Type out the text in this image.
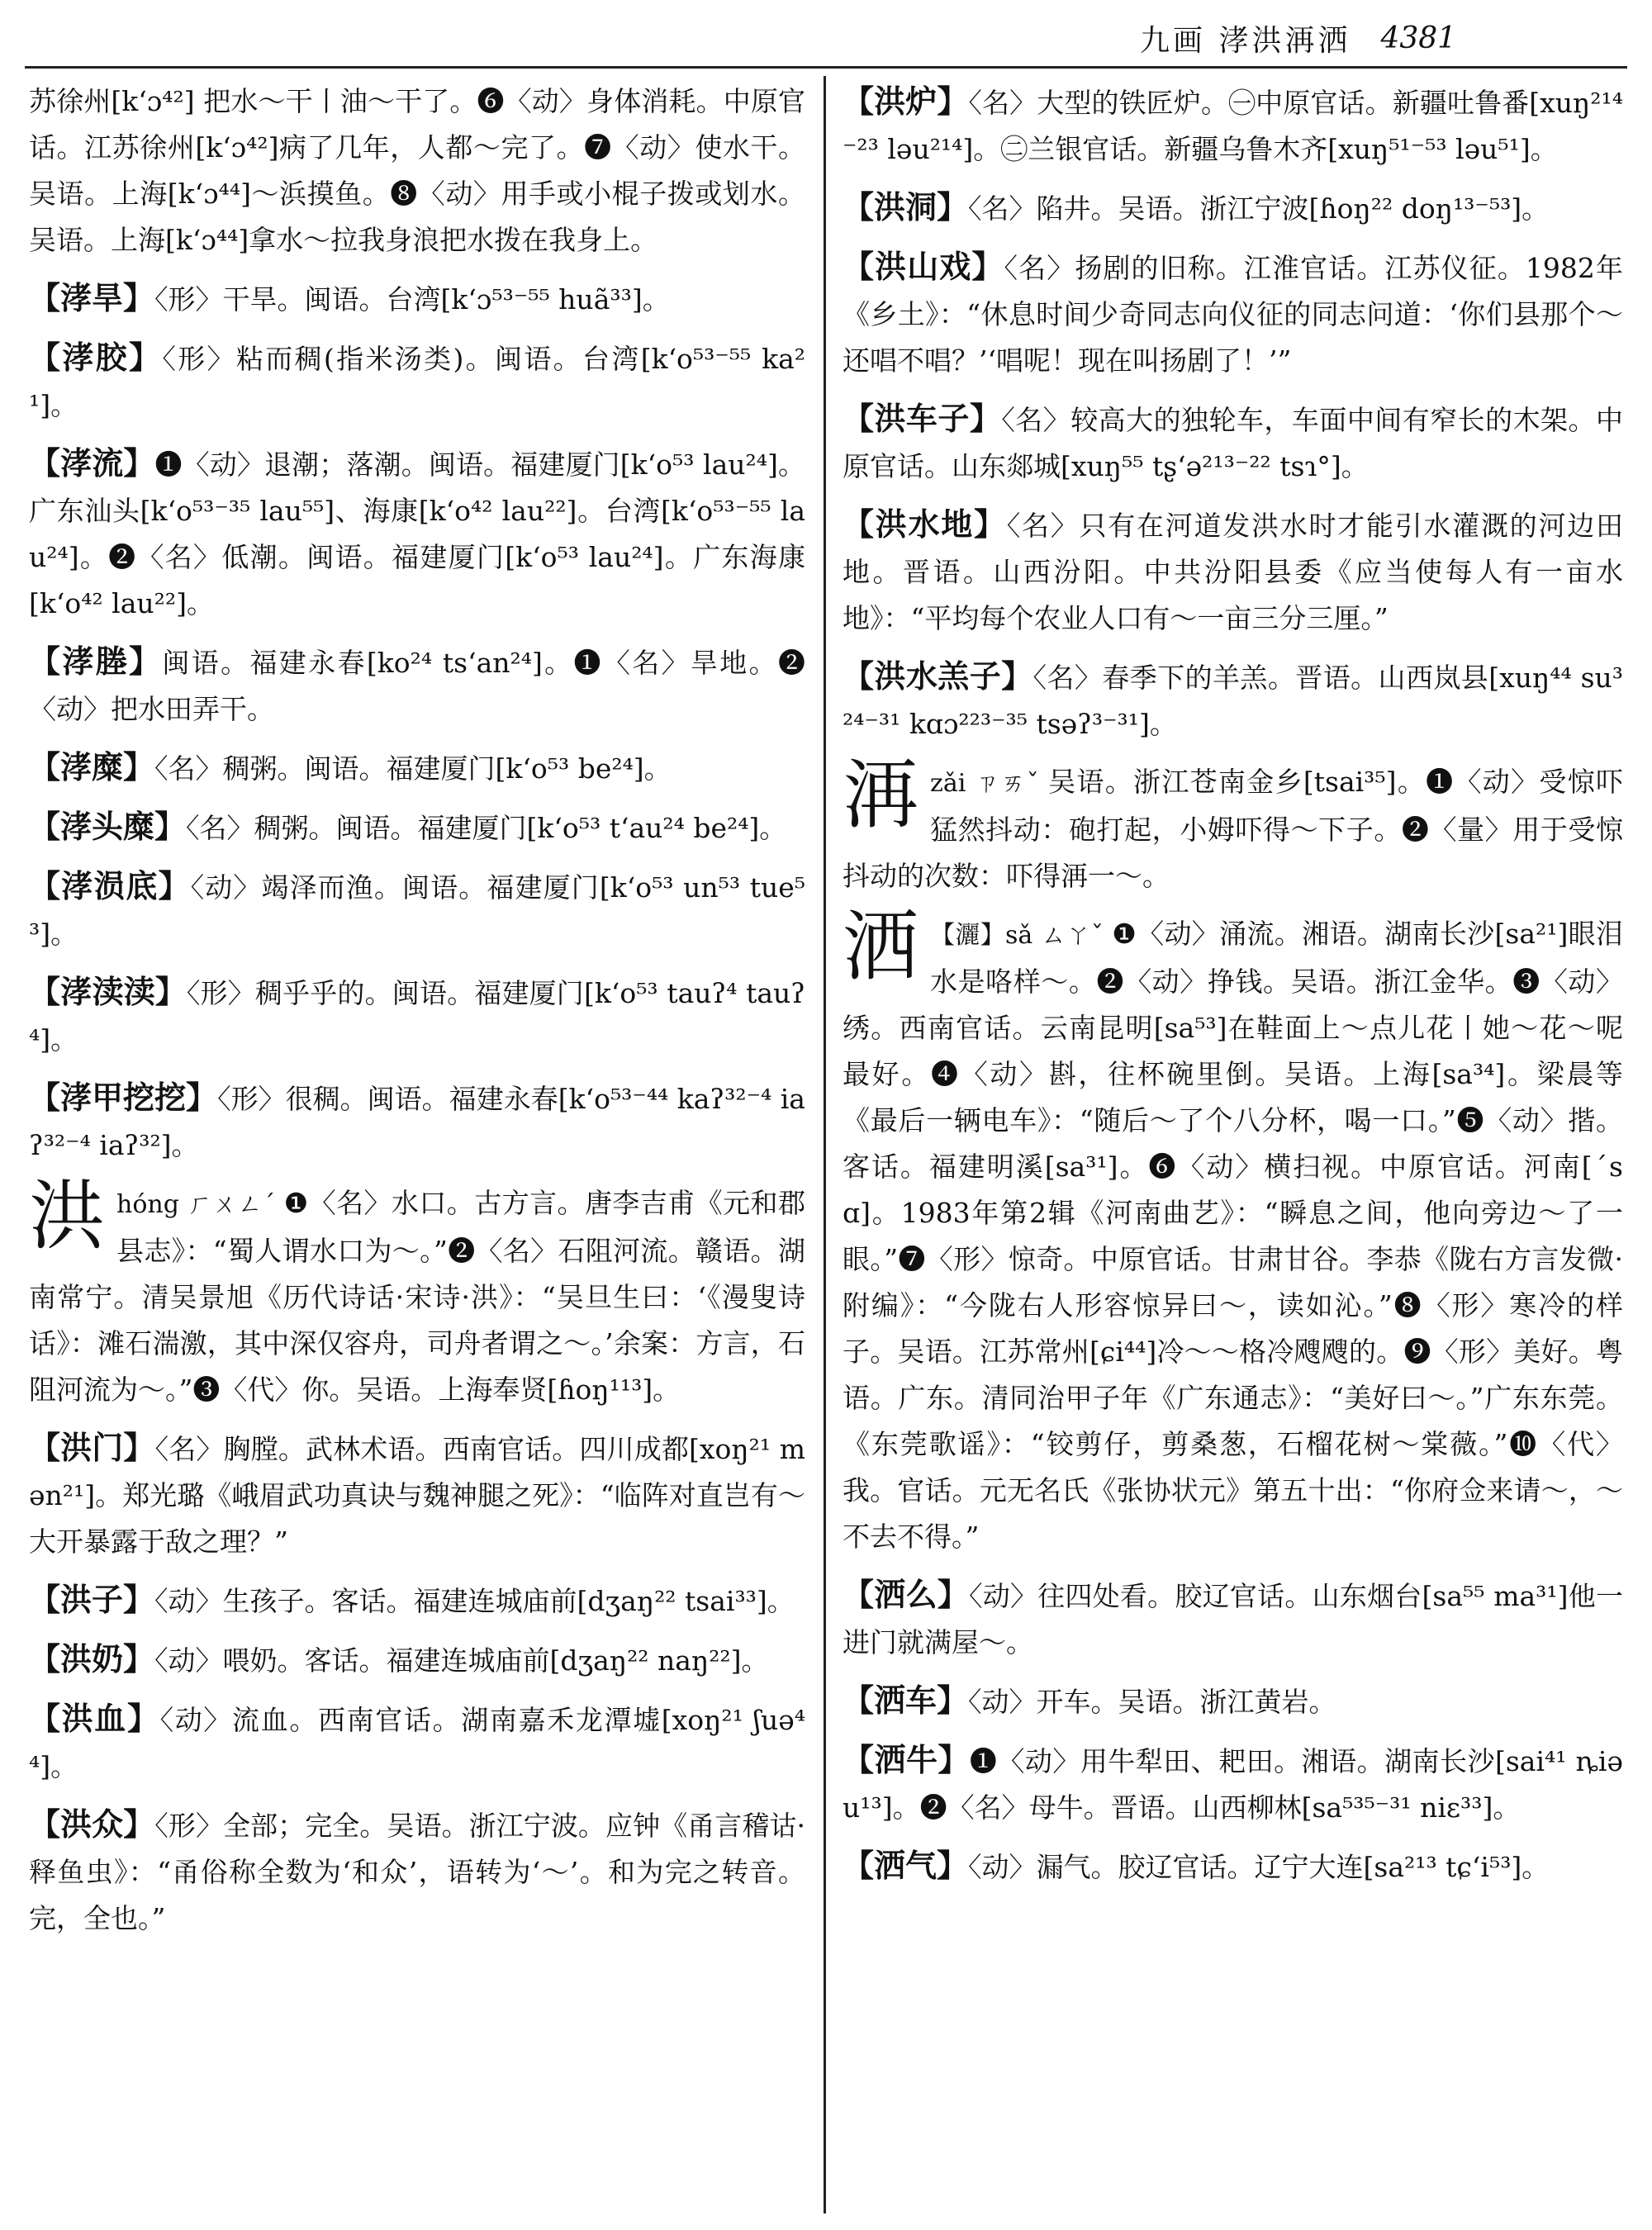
九画 涍洪洅洒 4381

苏徐州[kʻɔ⁴²] 把水～干丨油～干了。❻〈动〉身体消耗。中原官话。江苏徐州[kʻɔ⁴²]病了几年，人都～完了。❼〈动〉使水干。吴语。上海[kʻɔ⁴⁴]～浜摸鱼。❽〈动〉用手或小棍子拨或划水。吴语。上海[kʻɔ⁴⁴]拿水～拉我身浪把水拨在我身上。

【涍旱】〈形〉干旱。闽语。台湾[kʻɔ⁵³⁻⁵⁵ huã³³]。

【涍胶】〈形〉粘而稠(指米汤类)。闽语。台湾[kʻo⁵³⁻⁵⁵ ka²¹]。

【涍流】❶〈动〉退潮；落潮。闽语。福建厦门[kʻo⁵³ lau²⁴]。广东汕头[kʻo⁵³⁻³⁵ lau⁵⁵]、海康[kʻo⁴² lau²²]。台湾[kʻo⁵³⁻⁵⁵ lau²⁴]。❷〈名〉低潮。闽语。福建厦门[kʻo⁵³ lau²⁴]。广东海康[kʻo⁴² lau²²]。

【涍塍】闽语。福建永春[ko²⁴ tsʻan²⁴]。❶〈名〉旱地。❷〈动〉把水田弄干。

【涍糜】〈名〉稠粥。闽语。福建厦门[kʻo⁵³ be²⁴]。

【涍头糜】〈名〉稠粥。闽语。福建厦门[kʻo⁵³ tʻau²⁴ be²⁴]。

【涍涢底】〈动〉竭泽而渔。闽语。福建厦门[kʻo⁵³ un⁵³ tue⁵³]。

【涍渎渎】〈形〉稠乎乎的。闽语。福建厦门[kʻo⁵³ tauʔ⁴ tauʔ⁴]。

【涍甲挖挖】〈形〉很稠。闽语。福建永春[kʻo⁵³⁻⁴⁴ kaʔ³²⁻⁴ iaʔ³²⁻⁴ iaʔ³²]。

洪hóng ㄏㄨㄥˊ ❶〈名〉水口。古方言。唐李吉甫《元和郡县志》：“蜀人谓水口为～。”❷〈名〉石阻河流。赣语。湖南常宁。清吴景旭《历代诗话·宋诗·洪》：“吴旦生曰：‘《漫叟诗话》：滩石湍激，其中深仅容舟，司舟者谓之～。’余案：方言，石阻河流为～。”❸〈代〉你。吴语。上海奉贤[ɦoŋ¹¹³]。

【洪门】〈名〉胸膛。武林术语。西南官话。四川成都[xoŋ²¹ mən²¹]。郑光璐《峨眉武功真诀与魏神腿之死》：“临阵对直岂有～大开暴露于敌之理？”

【洪子】〈动〉生孩子。客话。福建连城庙前[dʒaŋ²² tsai³³]。

【洪奶】〈动〉喂奶。客话。福建连城庙前[dʒaŋ²² naŋ²²]。

【洪血】〈动〉流血。西南官话。湖南嘉禾龙潭墟[xoŋ²¹ ʃuə⁴⁴]。

【洪众】〈形〉全部；完全。吴语。浙江宁波。应钟《甬言稽诂·释鱼虫》：“甬俗称全数为‘和众’，语转为‘～’。和为完之转音。完，全也。”

【洪炉】〈名〉大型的铁匠炉。㊀中原官话。新疆吐鲁番[xuŋ²¹⁴⁻²³ ləu²¹⁴]。㊁兰银官话。新疆乌鲁木齐[xuŋ⁵¹⁻⁵³ ləu⁵¹]。

【洪洞】〈名〉陷井。吴语。浙江宁波[ɦoŋ²² doŋ¹³⁻⁵³]。

【洪山戏】〈名〉扬剧的旧称。江淮官话。江苏仪征。1982年《乡土》：“休息时间少奇同志向仪征的同志问道：‘你们县那个～还唱不唱？’‘唱呢！现在叫扬剧了！’”

【洪车子】〈名〉较高大的独轮车，车面中间有窄长的木架。中原官话。山东郯城[xuŋ⁵⁵ tʂʻə²¹³⁻²² tsɿ°]。

【洪水地】〈名〉只有在河道发洪水时才能引水灌溉的河边田地。晋语。山西汾阳。中共汾阳县委《应当使每人有一亩水地》：“平均每个农业人口有～一亩三分三厘。”

【洪水羔子】〈名〉春季下的羊羔。晋语。山西岚县[xuŋ⁴⁴ su³²⁴⁻³¹ kɑɔ²²³⁻³⁵ tsəʔ³⁻³¹]。

洅zǎi ㄗㄞˇ 吴语。浙江苍南金乡[tsai³⁵]。❶〈动〉受惊吓猛然抖动：砲打起，小姆吓得～下子。❷〈量〉用于受惊抖动的次数：吓得洅一～。

洒 【灑】sǎ ㄙㄚˇ ❶〈动〉涌流。湘语。湖南长沙[sa²¹]眼泪水是咯样～。❷〈动〉挣钱。吴语。浙江金华。❸〈动〉绣。西南官话。云南昆明[sa⁵³]在鞋面上～点儿花丨她～花～呢最好。❹〈动〉斟，往杯碗里倒。吴语。上海[sa³⁴]。梁晨等《最后一辆电车》：“随后～了个八分杯，喝一口。”❺〈动〉揩。客话。福建明溪[sa³¹]。❻〈动〉横扫视。中原官话。河南[ˊsɑ]。1983年第2辑《河南曲艺》：“瞬息之间，他向旁边～了一眼。”❼〈形〉惊奇。中原官话。甘肃甘谷。李恭《陇右方言发微·附编》：“今陇右人形容惊异曰～，读如沁。”❽〈形〉寒冷的样子。吴语。江苏常州[ɕi⁴⁴]冷～～格冷飕飕的。❾〈形〉美好。粤语。广东。清同治甲子年《广东通志》：“美好曰～。”广东东莞。《东莞歌谣》：“铰剪仔，剪桑葱，石榴花树～棠薇。”❿〈代〉我。官话。元无名氏《张协状元》第五十出：“你府佥来请～，～不去不得。”

【洒么】〈动〉往四处看。胶辽官话。山东烟台[sa⁵⁵ ma³¹]他一进门就满屋～。

【洒车】〈动〉开车。吴语。浙江黄岩。

【洒牛】❶〈动〉用牛犁田、耙田。湘语。湖南长沙[sai⁴¹ ȵiəu¹³]。❷〈名〉母牛。晋语。山西柳林[sa⁵³⁵⁻³¹ niɛ³³]。

【洒气】〈动〉漏气。胶辽官话。辽宁大连[sa²¹³ tɕʻi⁵³]。
